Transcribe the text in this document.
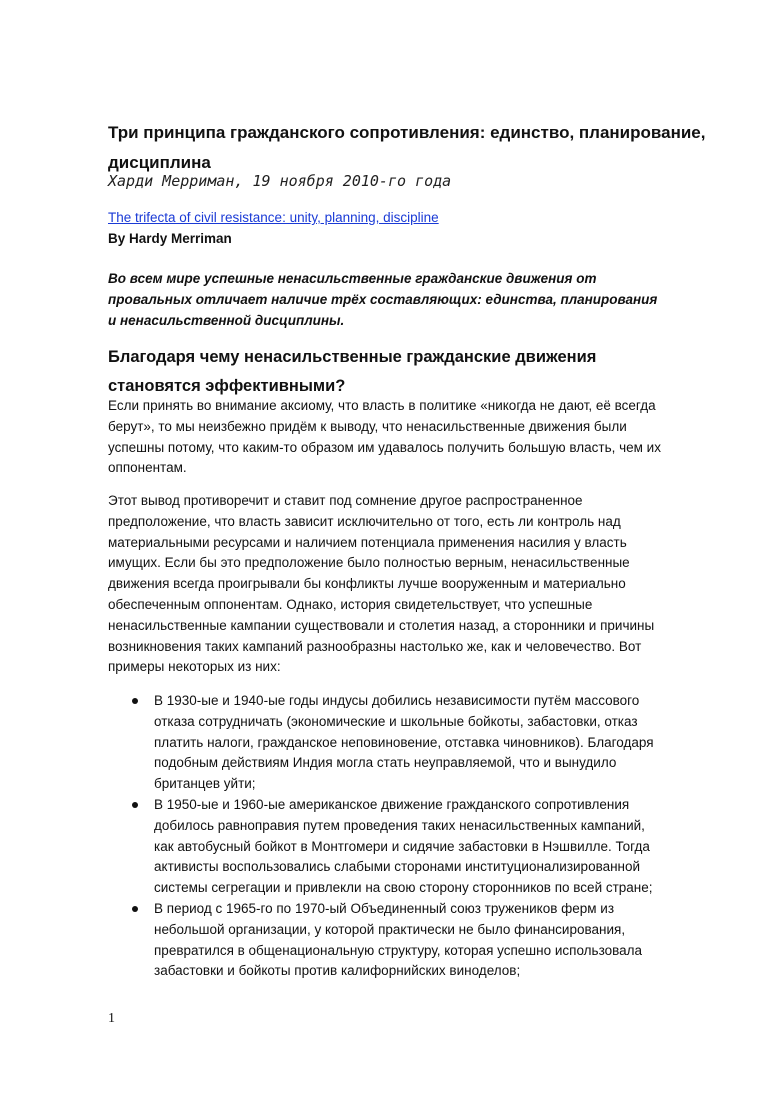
Три принципа гражданского сопротивления: единство, планирование, дисциплина
Харди Мерриман, 19 ноября 2010-го года
The trifecta of civil resistance: unity, planning, discipline
By Hardy Merriman
Во всем мире успешные ненасильственные гражданские движения от провальных отличает наличие трёх составляющих: единства, планирования и ненасильственной дисциплины.
Благодаря чему ненасильственные гражданские движения становятся эффективными?
Если принять во внимание аксиому, что власть в политике «никогда не дают, её всегда берут», то мы неизбежно придём к выводу, что ненасильственные движения были успешны потому, что каким-то образом им удавалось получить большую власть, чем их оппонентам.
Этот вывод противоречит и ставит под сомнение другое распространенное предположение, что власть зависит исключительно от того, есть ли контроль над материальными ресурсами и наличием потенциала применения насилия у власть имущих. Если бы это предположение было полностью верным, ненасильственные движения всегда проигрывали бы конфликты лучше вооруженным и материально обеспеченным оппонентам. Однако, история свидетельствует, что успешные ненасильственные кампании существовали и столетия назад, а сторонники и причины возникновения таких кампаний разнообразны настолько же, как и человечество. Вот примеры некоторых из них:
В 1930-ые и 1940-ые годы индусы добились независимости путём массового отказа сотрудничать (экономические и школьные бойкоты, забастовки, отказ платить налоги, гражданское неповиновение, отставка чиновников). Благодаря подобным действиям Индия могла стать неуправляемой, что и вынудило британцев уйти;
В 1950-ые и 1960-ые американское движение гражданского сопротивления добилось равноправия путем проведения таких ненасильственных кампаний, как автобусный бойкот в Монтгомери и сидячие забастовки в Нэшвилле. Тогда активисты воспользовались слабыми сторонами институционализированной системы сегрегации и привлекли на свою сторону сторонников по всей стране;
В период с 1965-го по 1970-ый Объединенный союз тружеников ферм из небольшой организации, у которой практически не было финансирования, превратился в общенациональную структуру, которая успешно использовала забастовки и бойкоты против калифорнийских виноделов;
1
